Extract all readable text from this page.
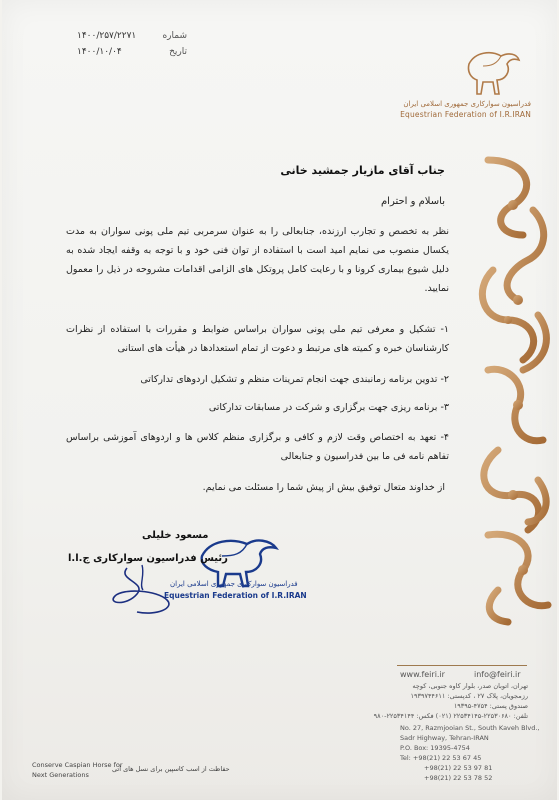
۱۴۰۰/۲۵۷/۲۲۷۱	شماره
۱۴۰۰/۱۰/۰۴	تاریخ
فدراسیون سوارکاری جمهوری اسلامی ایران
Equestrian Federation of I.R.IRAN
جناب آقای مازیار جمشید خانی
باسلام و احترام
نظر به تخصص و تجارب ارزنده، جنابعالی را به عنوان سرمربی تیم ملی پونی سواران به مدت یکسال منصوب می نمایم امید است با استفاده از توان فنی خود و با توجه به وقفه ایجاد شده به دلیل شیوع بیماری کرونا و با رعایت کامل پروتکل های الزامی اقدامات مشروحه در ذیل را معمول نمایید.
۱- تشکیل و معرفی تیم ملی پونی سواران براساس ضوابط و مقررات با استفاده از نظرات کارشناسان خبره و کمیته های مرتبط و دعوت از تمام استعدادها در هیأت های استانی
۲- تدوین برنامه زمانبندی جهت انجام تمرینات منظم و تشکیل اردوهای تدارکاتی
۳- برنامه ریزی جهت برگزاری و شرکت در مسابقات تدارکاتی
۴- تعهد به اختصاص وقت لازم و کافی و برگزاری منظم کلاس ها و اردوهای آموزشی براساس تفاهم نامه فی ما بین فدراسیون و جنابعالی
از خداوند متعال توفیق بیش از پیش شما را مسئلت می نمایم.
فدراسیون سوارکاری جمهوری اسلامی ایران
Equestrian Federation of I.R.IRAN
مسعود خلیلی
رئیس فدراسیون سوارکاری ج.ا.ا
www.feiri.ir	info@feiri.ir
تهران، اتوبان صدر، بلوار کاوه جنوبی، کوچه
رزمجویان، پلاک ۲۷ ، کدپستی: ۱۹۳۹۷۴۴۶۱۱
صندوق پستی: ۴۷۵۴-۱۹۳۹۵
تلفن: ۲۲۵۳۰۶۸۰-۲۲۵۳۴۱۴۵ (۰۲۱) فکس: ۲۲۵۳۴۱۴۴-۹۸۰
No. 27, Razmjooian St., South Kaveh Blvd.,
Sadr Highway, Tehran-IRAN
P.O. Box: 19395-4754
Tel: +98(21) 22 53 67 45
+98(21) 22 53 97 81
+98(21) 22 53 78 52
Conserve Caspian Horse for
Next Generations
حفاظت از اسب کاسپین برای نسل های آتی
